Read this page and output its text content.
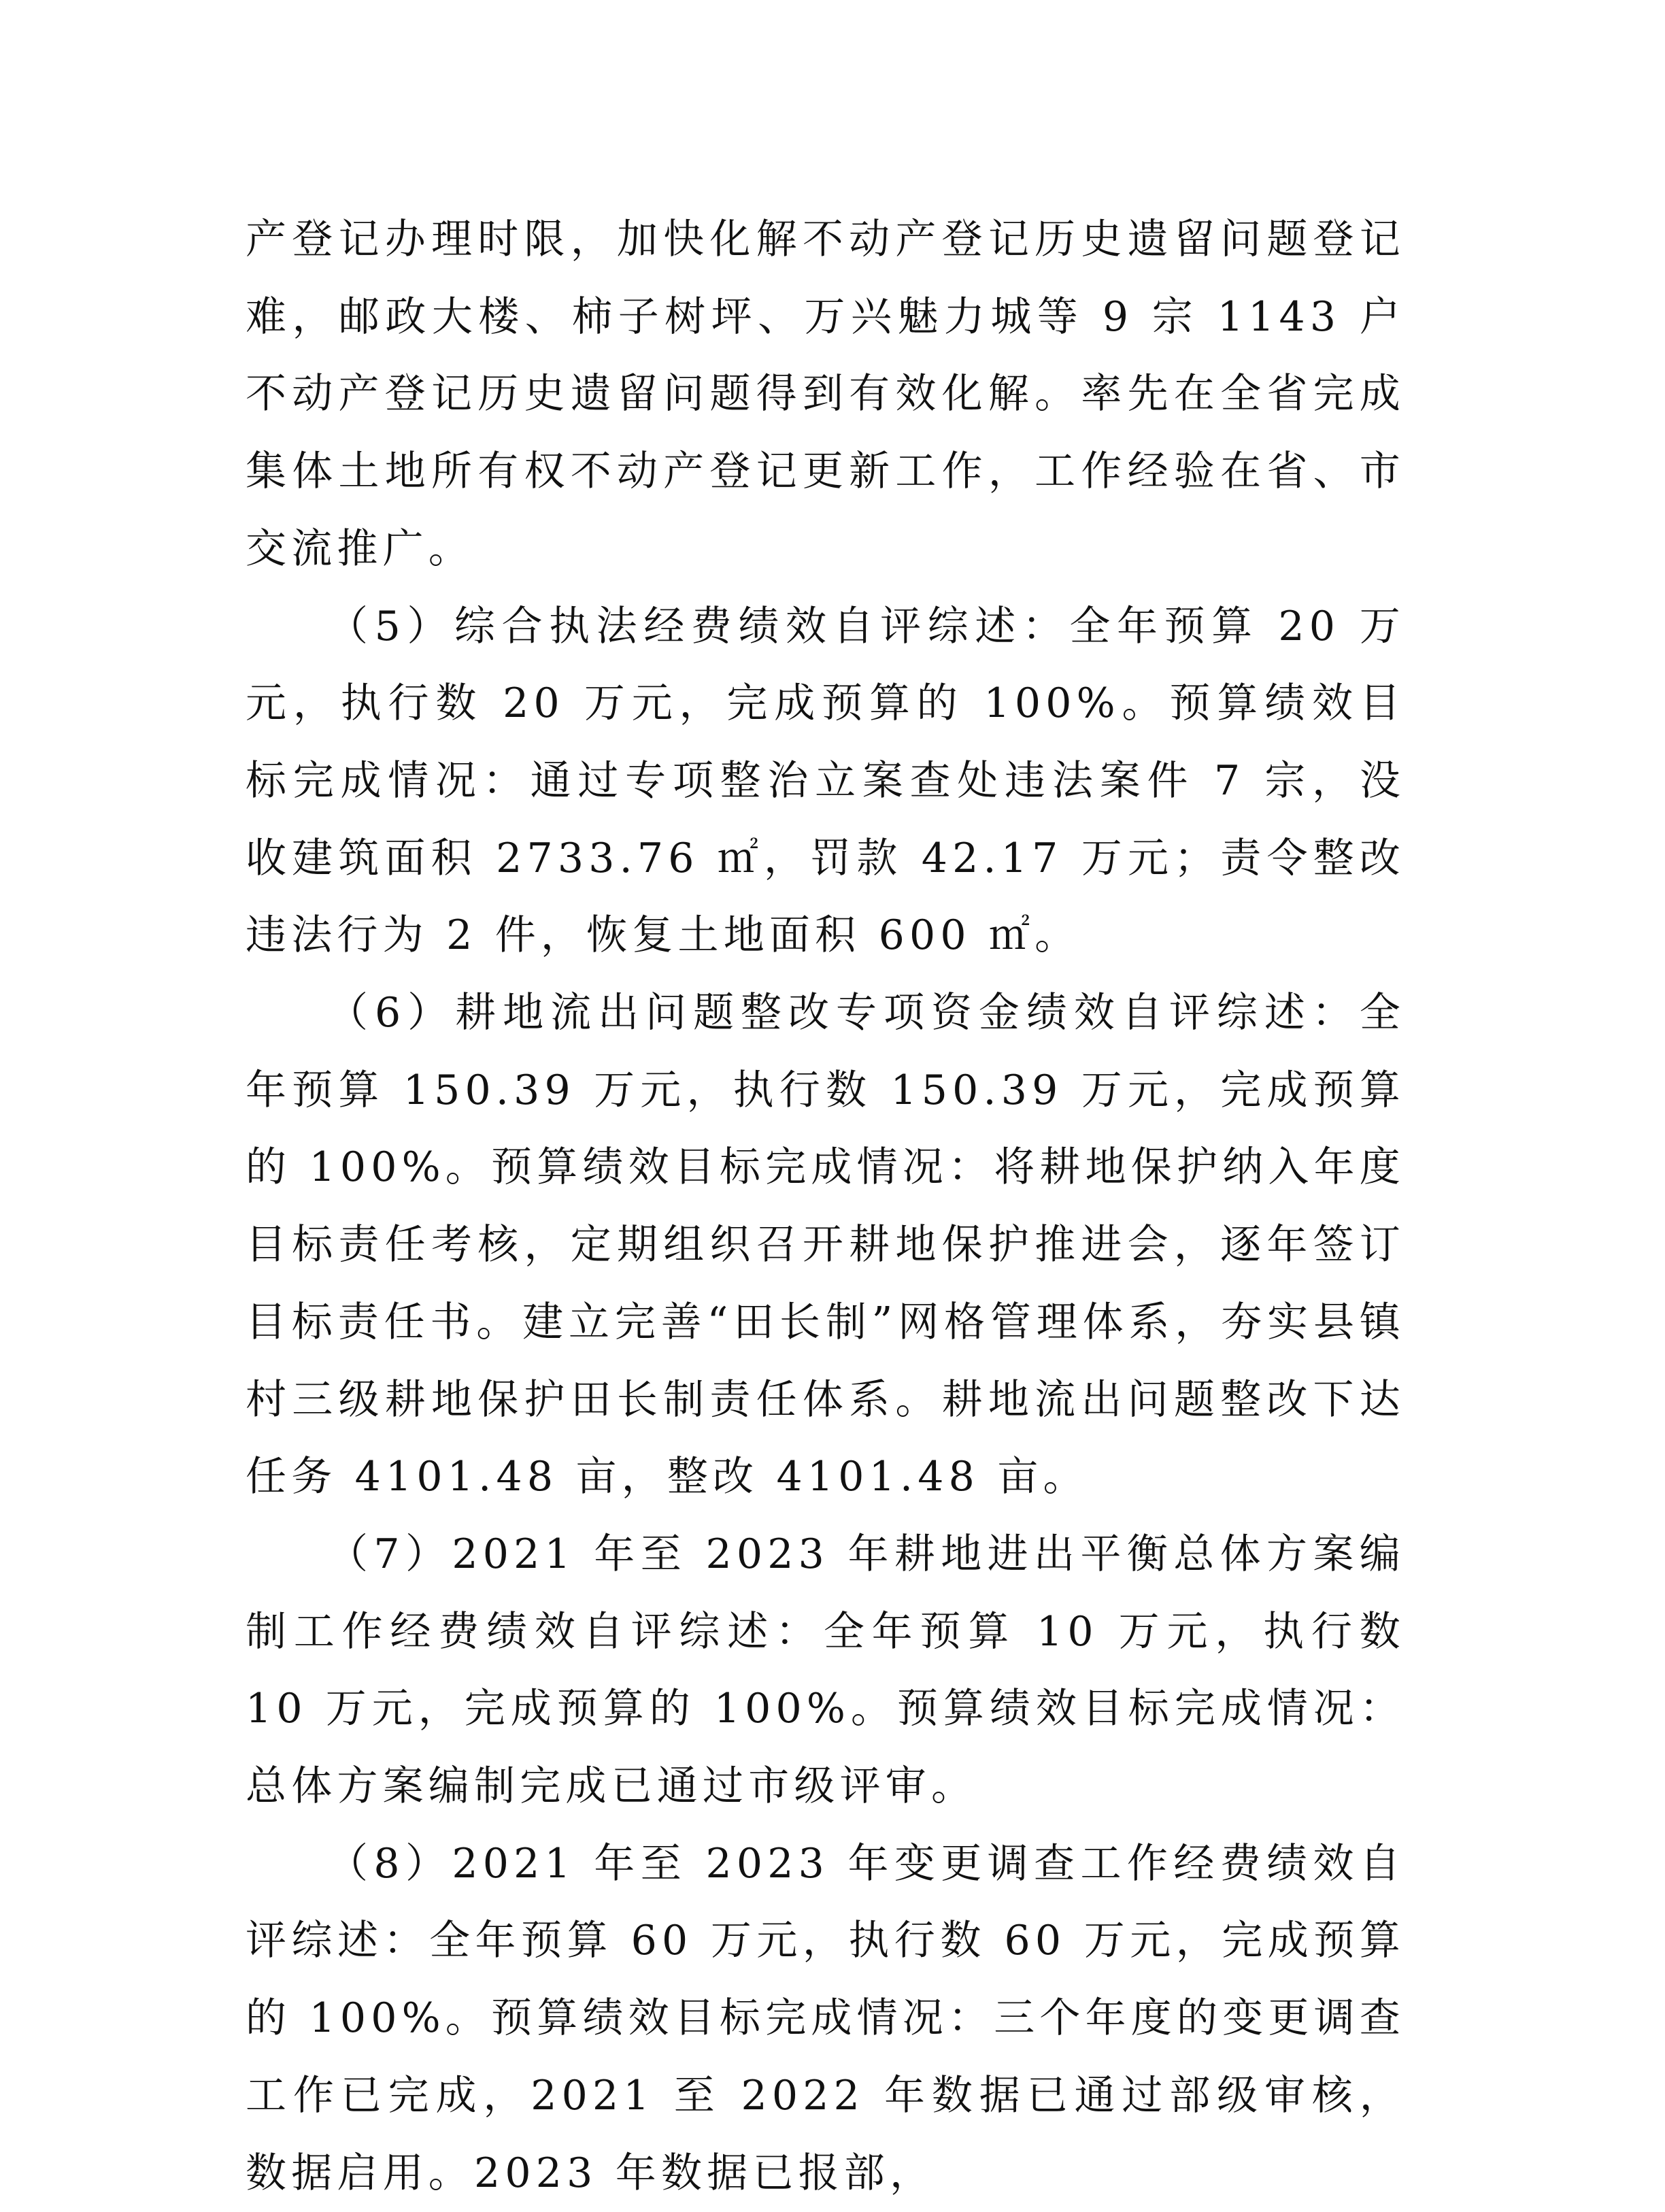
产登记办理时限，加快化解不动产登记历史遗留问题登记难，邮政大楼、柿子树坪、万兴魅力城等 9 宗 1143 户不动产登记历史遗留问题得到有效化解。率先在全省完成集体土地所有权不动产登记更新工作，工作经验在省、市交流推广。

（5）综合执法经费绩效自评综述：全年预算 20 万元，执行数 20 万元，完成预算的 100%。预算绩效目标完成情况：通过专项整治立案查处违法案件 7 宗，没收建筑面积 2733.76 ㎡，罚款 42.17 万元；责令整改违法行为 2 件，恢复土地面积 600 ㎡。

（6）耕地流出问题整改专项资金绩效自评综述：全年预算 150.39 万元，执行数 150.39 万元，完成预算的 100%。预算绩效目标完成情况：将耕地保护纳入年度目标责任考核，定期组织召开耕地保护推进会，逐年签订目标责任书。建立完善“田长制”网格管理体系，夯实县镇村三级耕地保护田长制责任体系。耕地流出问题整改下达任务 4101.48 亩，整改 4101.48 亩。

（7）2021 年至 2023 年耕地进出平衡总体方案编制工作经费绩效自评综述：全年预算 10 万元，执行数 10 万元，完成预算的 100%。预算绩效目标完成情况：总体方案编制完成已通过市级评审。

（8）2021 年至 2023 年变更调查工作经费绩效自评综述：全年预算 60 万元，执行数 60 万元，完成预算的 100%。预算绩效目标完成情况：三个年度的变更调查工作已完成，2021 至 2022 年数据已通过部级审核，数据启用。2023 年数据已报部，
